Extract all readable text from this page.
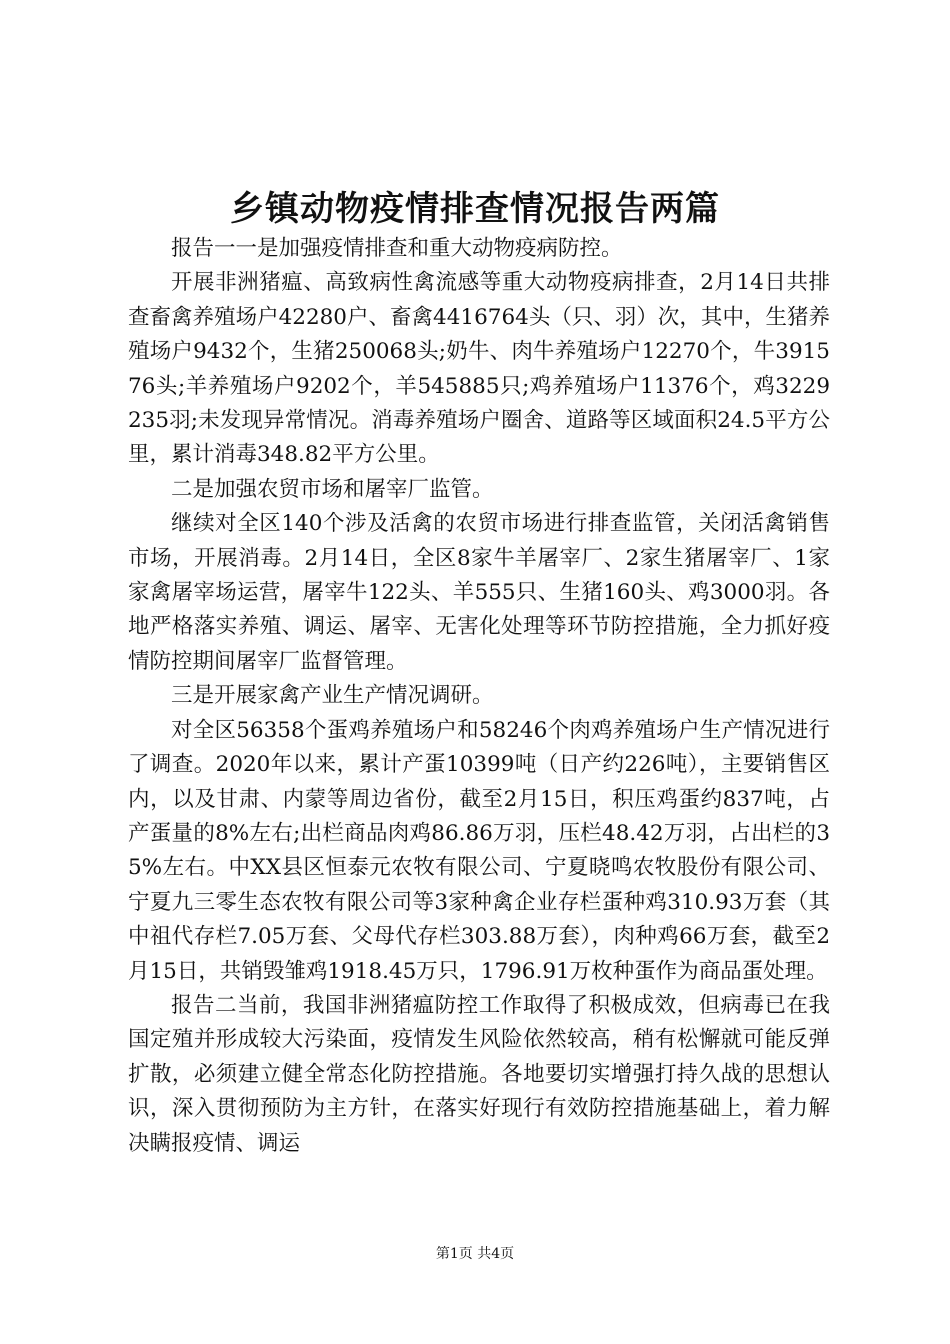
乡镇动物疫情排查情况报告两篇

报告一一是加强疫情排查和重大动物疫病防控。

开展非洲猪瘟、高致病性禽流感等重大动物疫病排查，2月14日共排查畜禽养殖场户42280户、畜禽4416764头（只、羽）次，其中，生猪养殖场户9432个，生猪250068头;奶牛、肉牛养殖场户12270个，牛391576头;羊养殖场户9202个，羊545885只;鸡养殖场户11376个，鸡3229235羽;未发现异常情况。消毒养殖场户圈舍、道路等区域面积24.5平方公里，累计消毒348.82平方公里。

二是加强农贸市场和屠宰厂监管。

继续对全区140个涉及活禽的农贸市场进行排查监管，关闭活禽销售市场，开展消毒。2月14日，全区8家牛羊屠宰厂、2家生猪屠宰厂、1家家禽屠宰场运营，屠宰牛122头、羊555只、生猪160头、鸡3000羽。各地严格落实养殖、调运、屠宰、无害化处理等环节防控措施，全力抓好疫情防控期间屠宰厂监督管理。

三是开展家禽产业生产情况调研。

对全区56358个蛋鸡养殖场户和58246个肉鸡养殖场户生产情况进行了调查。2020年以来，累计产蛋10399吨（日产约226吨），主要销售区内，以及甘肃、内蒙等周边省份，截至2月15日，积压鸡蛋约837吨，占产蛋量的8%左右;出栏商品肉鸡86.86万羽，压栏48.42万羽，占出栏的35%左右。中XX县区恒泰元农牧有限公司、宁夏晓鸣农牧股份有限公司、宁夏九三零生态农牧有限公司等3家种禽企业存栏蛋种鸡310.93万套（其中祖代存栏7.05万套、父母代存栏303.88万套），肉种鸡66万套，截至2月15日，共销毁雏鸡1918.45万只，1796.91万枚种蛋作为商品蛋处理。

报告二当前，我国非洲猪瘟防控工作取得了积极成效，但病毒已在我国定殖并形成较大污染面，疫情发生风险依然较高，稍有松懈就可能反弹扩散，必须建立健全常态化防控措施。各地要切实增强打持久战的思想认识，深入贯彻预防为主方针，在落实好现行有效防控措施基础上，着力解决瞒报疫情、调运

第1页 共4页
